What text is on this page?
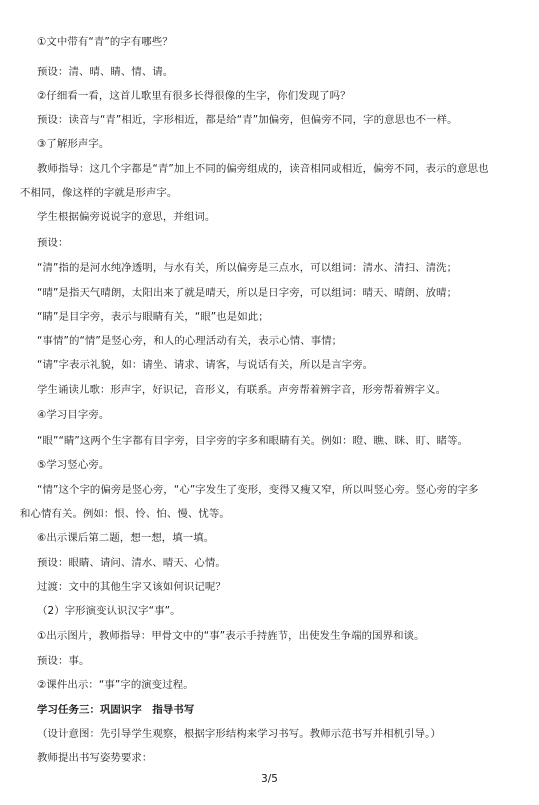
①文中带有“青”的字有哪些？
预设：清、晴、睛、情、请。
②仔细看一看，这首儿歌里有很多长得很像的生字，你们发现了吗？
预设：读音与“青”相近，字形相近，都是给“青”加偏旁，但偏旁不同，字的意思也不一样。
③了解形声字。
教师指导：这几个字都是“青”加上不同的偏旁组成的，读音相同或相近，偏旁不同，表示的意思也
不相同，像这样的字就是形声字。
学生根据偏旁说说字的意思，并组词。
预设：
“清”指的是河水纯净透明，与水有关，所以偏旁是三点水，可以组词：清水、清扫、清洗；
“晴”是指天气晴朗，太阳出来了就是晴天，所以是日字旁，可以组词：晴天、晴朗、放晴；
“睛”是目字旁，表示与眼睛有关，“眼”也是如此；
“事情”的“情”是竖心旁，和人的心理活动有关，表示心情、事情；
“请”字表示礼貌，如：请坐、请求、请客，与说话有关，所以是言字旁。
学生诵读儿歌：形声字，好识记，音形义，有联系。声旁帮着辨字音，形旁帮着辨字义。
④学习目字旁。
“眼”“睛”这两个生字都有目字旁，目字旁的字多和眼睛有关。例如：瞪、瞧、眯、盯、睹等。
⑤学习竖心旁。
“情”这个字的偏旁是竖心旁，“心”字发生了变形，变得又瘦又窄，所以叫竖心旁。竖心旁的字多
和心情有关。例如：恨、怜、怕、慢、忧等。
⑥出示课后第二题，想一想，填一填。
预设：眼睛、请问、清水、晴天、心情。
过渡：文中的其他生字又该如何识记呢？
（2）字形演变认识汉字“事”。
①出示图片，教师指导：甲骨文中的“事”表示手持旌节，出使发生争端的国界和谈。
预设：事。
②课件出示：“事”字的演变过程。
学习任务三：巩固识字　指导书写
（设计意图：先引导学生观察，根据字形结构来学习书写。教师示范书写并相机引导。）
教师提出书写姿势要求：
3/5
